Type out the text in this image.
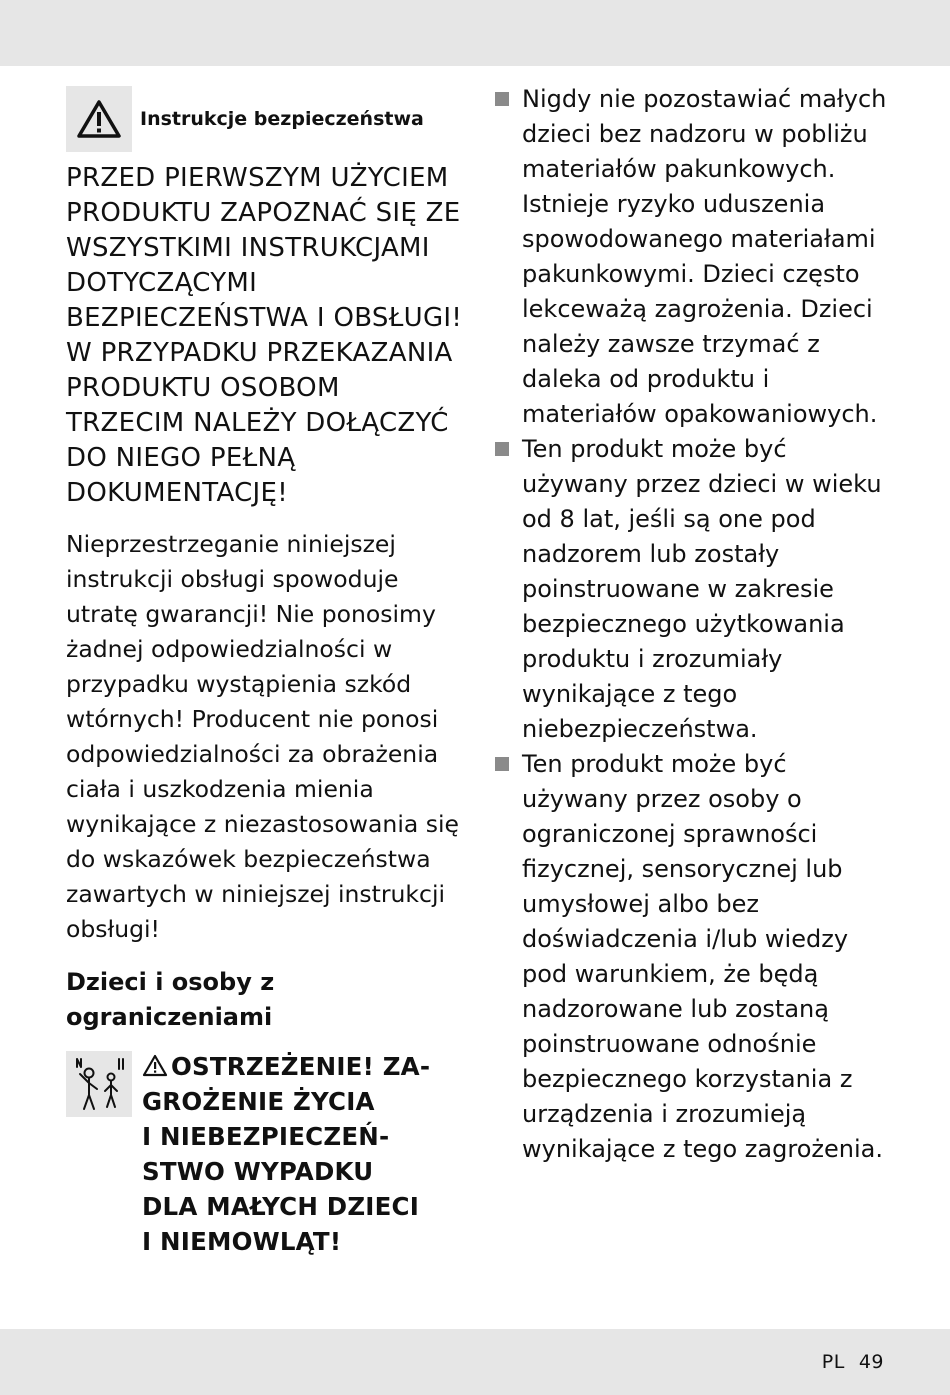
Instrukcje bezpieczeństwa
PRZED PIERWSZYM UŻYCIEM PRODUKTU ZAPOZNAĆ SIĘ ZE WSZYSTKIMI INSTRUKCJAMI DOTYCZĄCYMI BEZPIECZEŃSTWA I OBSŁUGI! W PRZYPADKU PRZEKAZANIA PRODUKTU OSOBOM TRZECIM NALEŻY DOŁĄCZYĆ DO NIEGO PEŁNĄ DOKUMENTACJĘ!
Nieprzestrzeganie niniejszej instrukcji obsługi spowoduje utratę gwarancji! Nie ponosimy żadnej odpowiedzialności w przypadku wystąpienia szkód wtórnych! Producent nie ponosi odpowiedzialności za obrażenia ciała i uszkodzenia mienia wynikające z niezastosowania się do wskazówek bezpieczeństwa zawartych w niniejszej instrukcji obsługi!
Dzieci i osoby z ograniczeniami
OSTRZEŻENIE! ZA-
GROŻENIE ŻYCIA
I NIEBEZPIECZEŃ-
STWO WYPADKU
DLA MAŁYCH DZIECI
I NIEMOWLĄT!
Nigdy nie pozostawiać małych dzieci bez nadzoru w pobliżu materiałów pakunkowych. Istnieje ryzyko uduszenia spowodowanego materiałami pakunkowymi. Dzieci często lekceważą zagrożenia. Dzieci należy zawsze trzymać z daleka od produktu i materiałów opakowaniowych.
Ten produkt może być używany przez dzieci w wieku od 8 lat, jeśli są one pod nadzorem lub zostały poinstruowane w zakresie bezpiecznego użytkowania produktu i zrozumiały wynikające z tego niebezpieczeństwa.
Ten produkt może być używany przez osoby o ograniczonej sprawności fizycznej, sensorycznej lub umysłowej albo bez doświadczenia i/lub wiedzy pod warunkiem, że będą nadzorowane lub zostaną poinstruowane odnośnie bezpiecznego korzystania z urządzenia i zrozumieją wynikające z tego zagrożenia.
PL 49
